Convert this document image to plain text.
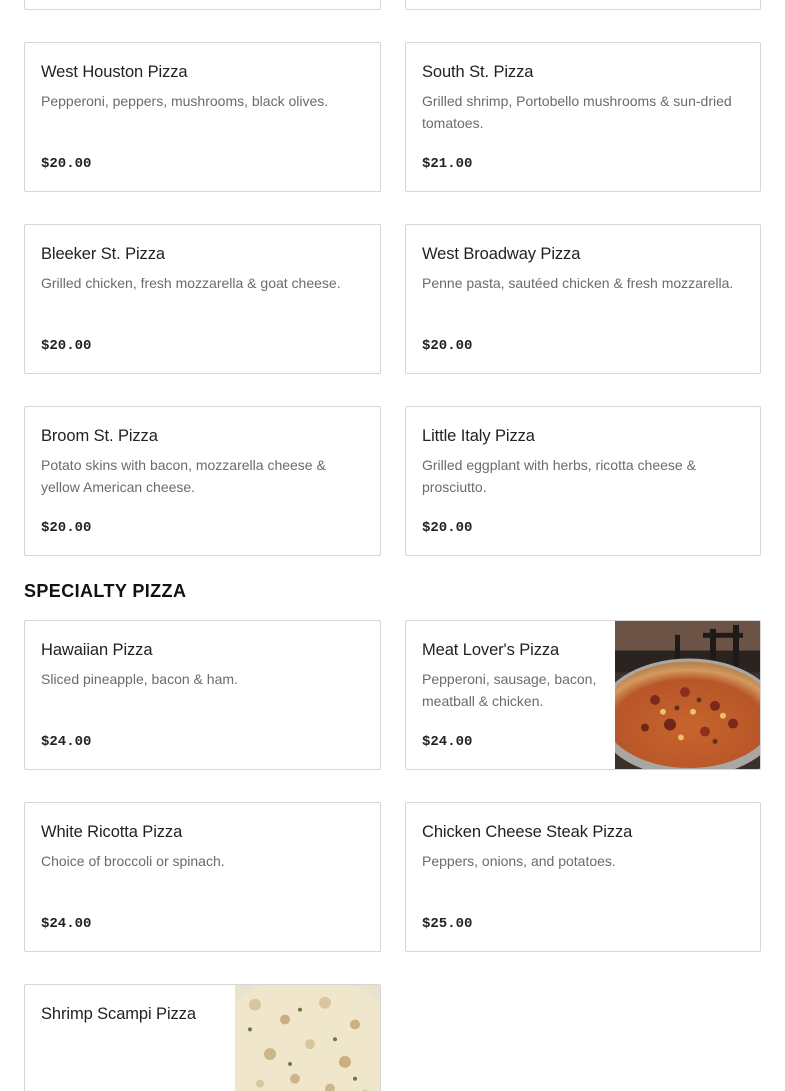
West Houston Pizza
Pepperoni, peppers, mushrooms, black olives.
$20.00
South St. Pizza
Grilled shrimp, Portobello mushrooms & sun-dried tomatoes.
$21.00
Bleeker St. Pizza
Grilled chicken, fresh mozzarella & goat cheese.
$20.00
West Broadway Pizza
Penne pasta, sautéed chicken & fresh mozzarella.
$20.00
Broom St. Pizza
Potato skins with bacon, mozzarella cheese & yellow American cheese.
$20.00
Little Italy Pizza
Grilled eggplant with herbs, ricotta cheese & prosciutto.
$20.00
SPECIALTY PIZZA
Hawaiian Pizza
Sliced pineapple, bacon & ham.
$24.00
Meat Lover's Pizza
Pepperoni, sausage, bacon, meatball & chicken.
$24.00
White Ricotta Pizza
Choice of broccoli or spinach.
$24.00
Chicken Cheese Steak Pizza
Peppers, onions, and potatoes.
$25.00
Shrimp Scampi Pizza
